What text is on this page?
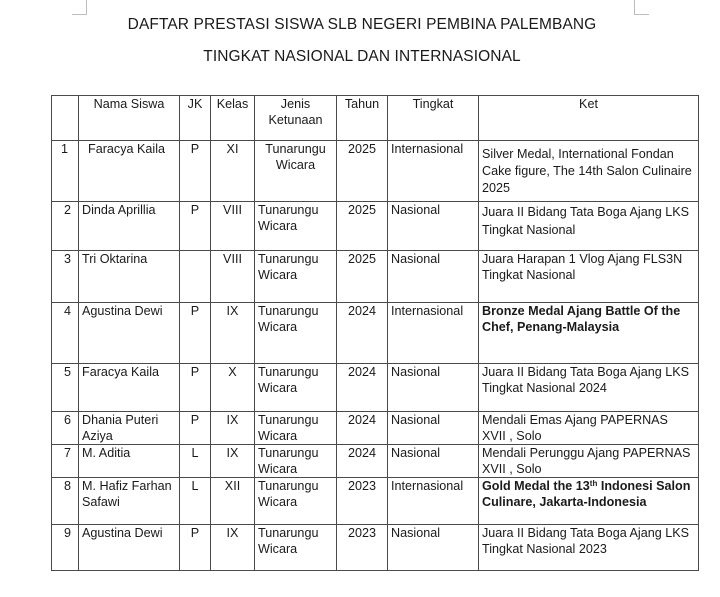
DAFTAR PRESTASI SISWA SLB NEGERI PEMBINA PALEMBANG
TINGKAT NASIONAL DAN INTERNASIONAL
	Nama Siswa	JK	Kelas	Jenis Ketunaan	Tahun	Tingkat	Ket
1	Faracya Kaila	P	XI	Tunarungu Wicara	2025	Internasional	Silver Medal, International Fondan Cake figure, The 14th Salon Culinaire 2025
2	Dinda Aprillia	P	VIII	Tunarungu Wicara	2025	Nasional	Juara II Bidang Tata Boga Ajang LKS Tingkat Nasional
3	Tri Oktarina		VIII	Tunarungu Wicara	2025	Nasional	Juara Harapan 1 Vlog Ajang FLS3N Tingkat Nasional
4	Agustina Dewi	P	IX	Tunarungu Wicara	2024	Internasional	Bronze Medal Ajang Battle Of the Chef, Penang-Malaysia
5	Faracya Kaila	P	X	Tunarungu Wicara	2024	Nasional	Juara II Bidang Tata Boga Ajang LKS Tingkat Nasional 2024
6	Dhania Puteri Aziya	P	IX	Tunarungu Wicara	2024	Nasional	Mendali Emas Ajang PAPERNAS XVII , Solo
7	M. Aditia	L	IX	Tunarungu Wicara	2024	Nasional	Mendali Perunggu Ajang PAPERNAS XVII , Solo
8	M. Hafiz Farhan Safawi	L	XII	Tunarungu Wicara	2023	Internasional	Gold Medal the 13th Indonesi Salon Culinare, Jakarta-Indonesia
9	Agustina Dewi	P	IX	Tunarungu Wicara	2023	Nasional	Juara II Bidang Tata Boga Ajang LKS Tingkat Nasional 2023
